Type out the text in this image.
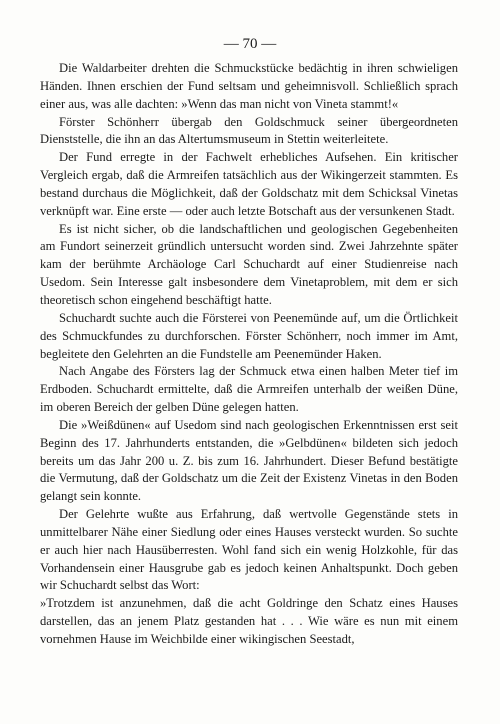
— 70 —

Die Waldarbeiter drehten die Schmuckstücke bedächtig in ihren schwieligen Händen. Ihnen erschien der Fund seltsam und geheimnisvoll. Schließlich sprach einer aus, was alle dachten: »Wenn das man nicht von Vineta stammt!«

Förster Schönherr übergab den Goldschmuck seiner übergeordneten Dienststelle, die ihn an das Altertumsmuseum in Stettin weiterleitete.

Der Fund erregte in der Fachwelt erhebliches Aufsehen. Ein kritischer Vergleich ergab, daß die Armreifen tatsächlich aus der Wikingerzeit stammten. Es bestand durchaus die Möglichkeit, daß der Goldschatz mit dem Schicksal Vinetas verknüpft war. Eine erste — oder auch letzte Botschaft aus der versunkenen Stadt.

Es ist nicht sicher, ob die landschaftlichen und geologischen Gegebenheiten am Fundort seinerzeit gründlich untersucht worden sind. Zwei Jahrzehnte später kam der berühmte Archäologe Carl Schuchardt auf einer Studienreise nach Usedom. Sein Interesse galt insbesondere dem Vinetaproblem, mit dem er sich theoretisch schon eingehend beschäftigt hatte.

Schuchardt suchte auch die Försterei von Peenemünde auf, um die Örtlichkeit des Schmuckfundes zu durchforschen. Förster Schönherr, noch immer im Amt, begleitete den Gelehrten an die Fundstelle am Peenemünder Haken.

Nach Angabe des Försters lag der Schmuck etwa einen halben Meter tief im Erdboden. Schuchardt ermittelte, daß die Armreifen unterhalb der weißen Düne, im oberen Bereich der gelben Düne gelegen hatten.

Die »Weißdünen« auf Usedom sind nach geologischen Erkenntnissen erst seit Beginn des 17. Jahrhunderts entstanden, die »Gelbdünen« bildeten sich jedoch bereits um das Jahr 200 u. Z. bis zum 16. Jahrhundert. Dieser Befund bestätigte die Vermutung, daß der Goldschatz um die Zeit der Existenz Vinetas in den Boden gelangt sein konnte.

Der Gelehrte wußte aus Erfahrung, daß wertvolle Gegenstände stets in unmittelbarer Nähe einer Siedlung oder eines Hauses versteckt wurden. So suchte er auch hier nach Hausüberresten. Wohl fand sich ein wenig Holzkohle, für das Vorhandensein einer Hausgrube gab es jedoch keinen Anhaltspunkt. Doch geben wir Schuchardt selbst das Wort:

»Trotzdem ist anzunehmen, daß die acht Goldringe den Schatz eines Hauses darstellen, das an jenem Platz gestanden hat . . . Wie wäre es nun mit einem vornehmen Hause im Weichbilde einer wikingischen Seestadt,
